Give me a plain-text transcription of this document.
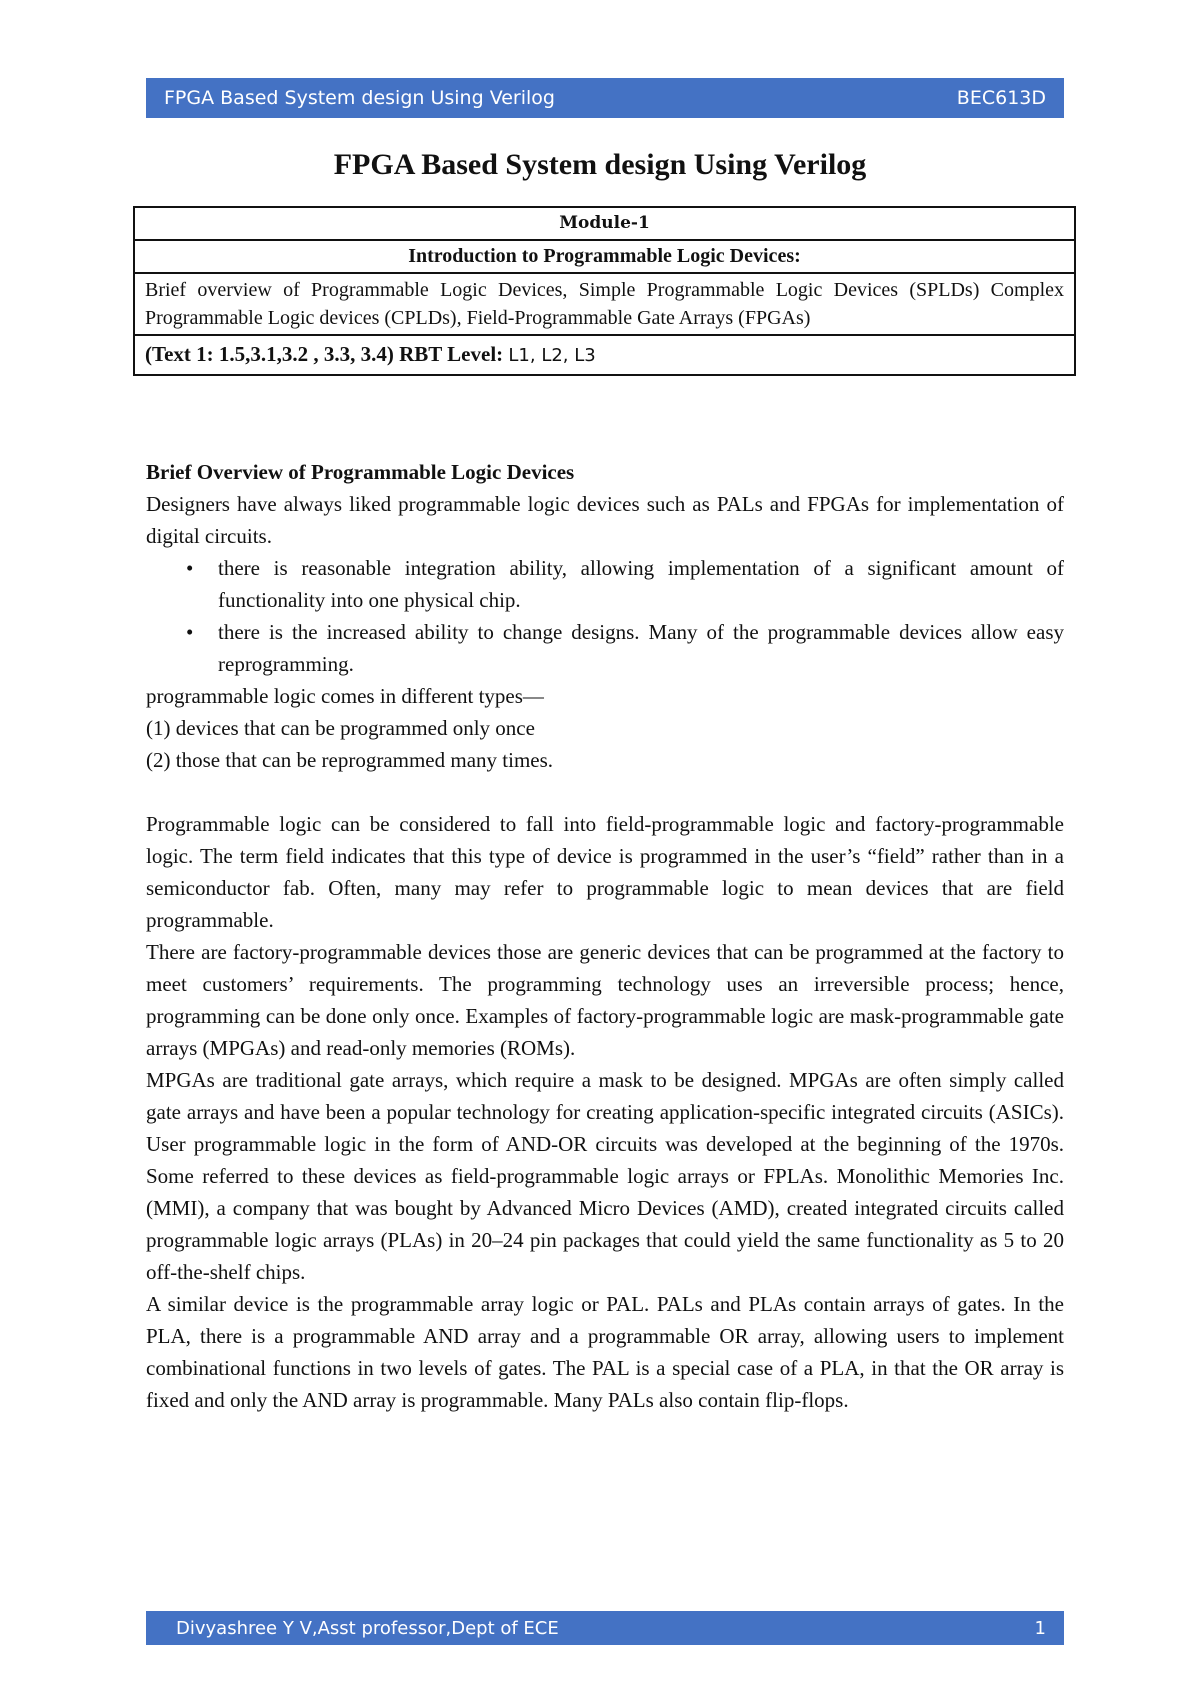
FPGA Based System design Using Verilog	BEC613D
FPGA Based System design Using Verilog
Module-1
Introduction to Programmable Logic Devices:
Brief overview of Programmable Logic Devices, Simple Programmable Logic Devices (SPLDs) Complex Programmable Logic devices (CPLDs), Field-Programmable Gate Arrays (FPGAs)
(Text 1: 1.5,3.1,3.2 , 3.3, 3.4) RBT Level: L1, L2, L3

Brief Overview of Programmable Logic Devices

Designers have always liked programmable logic devices such as PALs and FPGAs for implementation of digital circuits.

• there is reasonable integration ability, allowing implementation of a significant amount of functionality into one physical chip.
• there is the increased ability to change designs. Many of the programmable devices allow easy reprogramming.

programmable logic comes in different types—

(1) devices that can be programmed only once

(2) those that can be reprogrammed many times.

Programmable logic can be considered to fall into field-programmable logic and factory-programmable logic. The term field indicates that this type of device is programmed in the user’s “field” rather than in a semiconductor fab. Often, many may refer to programmable logic to mean devices that are field programmable.

There are factory-programmable devices those are generic devices that can be programmed at the factory to meet customers’ requirements. The programming technology uses an irreversible process; hence, programming can be done only once. Examples of factory-programmable logic are mask-programmable gate arrays (MPGAs) and read-only memories (ROMs).

MPGAs are traditional gate arrays, which require a mask to be designed. MPGAs are often simply called gate arrays and have been a popular technology for creating application-specific integrated circuits (ASICs). User programmable logic in the form of AND-OR circuits was developed at the beginning of the 1970s. Some referred to these devices as field-programmable logic arrays or FPLAs. Monolithic Memories Inc. (MMI), a company that was bought by Advanced Micro Devices (AMD), created integrated circuits called programmable logic arrays (PLAs) in 20–24 pin packages that could yield the same functionality as 5 to 20 off-the-shelf chips.

A similar device is the programmable array logic or PAL. PALs and PLAs contain arrays of gates. In the PLA, there is a programmable AND array and a programmable OR array, allowing users to implement combinational functions in two levels of gates. The PAL is a special case of a PLA, in that the OR array is fixed and only the AND array is programmable. Many PALs also contain flip-flops.

Divyashree Y V,Asst professor,Dept of ECE	1
